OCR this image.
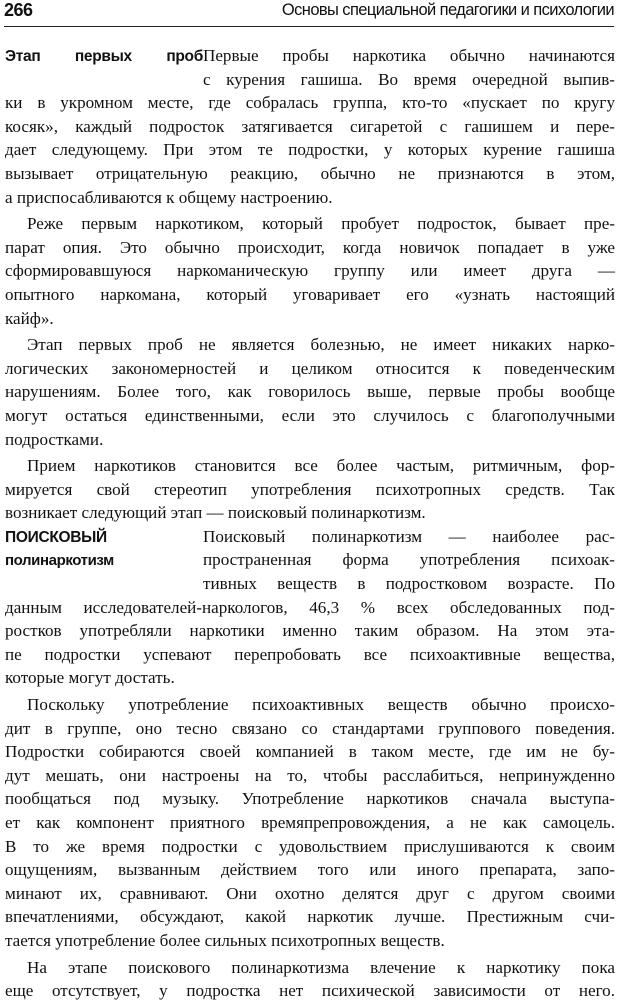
266	Основы специальной педагогики и психологии
Этап первых проб Первые пробы наркотика обычно начинаются
с курения гашиша. Во время очередной выпив-
ки в укромном месте, где собралась группа, кто-то «пускает по кругу
косяк», каждый подросток затягивается сигаретой с гашишем и пере-
дает следующему. При этом те подростки, у которых курение гашиша
вызывает отрицательную реакцию, обычно не признаются в этом,
а приспосабливаются к общему настроению.
Реже первым наркотиком, который пробует подросток, бывает пре-
парат опия. Это обычно происходит, когда новичок попадает в уже
сформировавшуюся наркоманическую группу или имеет друга —
опытного наркомана, который уговаривает его «узнать настоящий
кайф».
Этап первых проб не является болезнью, не имеет никаких нарко-
логических закономерностей и целиком относится к поведенческим
нарушениям. Более того, как говорилось выше, первые пробы вообще
могут остаться единственными, если это случилось с благополучными
подростками.
Прием наркотиков становится все более частым, ритмичным, фор-
мируется свой стереотип употребления психотропных средств. Так
возникает следующий этап — поисковый полинаркотизм.
ПОИСКОВЫЙ	Поисковый полинаркотизм — наиболее рас-
полинаркотизм	пространенная форма употребления психоак-
тивных веществ в подростковом возрасте. По
данным исследователей-наркологов, 46,3 % всех обследованных под-
ростков употребляли наркотики именно таким образом. На этом эта-
пе подростки успевают перепробовать все психоактивные вещества,
которые могут достать.
Поскольку употребление психоактивных веществ обычно происхо-
дит в группе, оно тесно связано со стандартами группового поведения.
Подростки собираются своей компанией в таком месте, где им не бу-
дут мешать, они настроены на то, чтобы расслабиться, непринужденно
пообщаться под музыку. Употребление наркотиков сначала выступа-
ет как компонент приятного времяпрепровождения, а не как самоцель.
В то же время подростки с удовольствием прислушиваются к своим
ощущениям, вызванным действием того или иного препарата, запо-
минают их, сравнивают. Они охотно делятся друг с другом своими
впечатлениями, обсуждают, какой наркотик лучше. Престижным счи-
тается употребление более сильных психотропных веществ.
На этапе поискового полинаркотизма влечение к наркотику пока
еще отсутствует, у подростка нет психической зависимости от него.
